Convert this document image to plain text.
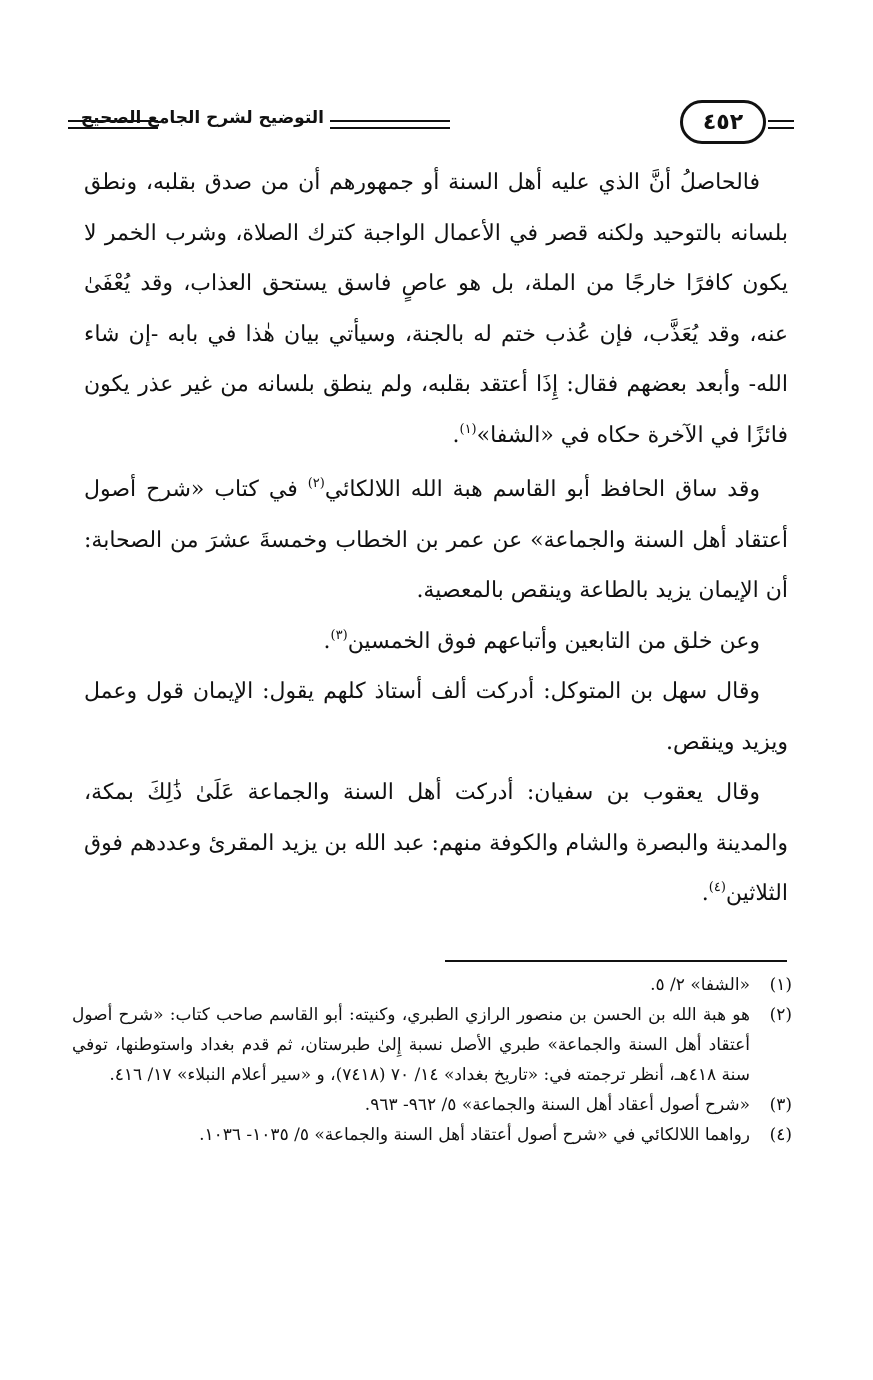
التوضيح لشرح الجامع الصحيح	٤٥٢

فالحاصلُ أنَّ الذي عليه أهل السنة أو جمهورهم أن من صدق بقلبه، ونطق بلسانه بالتوحيد ولكنه قصر في الأعمال الواجبة كترك الصلاة، وشرب الخمر لا يكون كافرًا خارجًا من الملة، بل هو عاصٍ فاسق يستحق العذاب، وقد يُعْفَىٰ عنه، وقد يُعَذَّب، فإن عُذب ختم له بالجنة، وسيأتي بيان هٰذا في بابه -إن شاء الله- وأبعد بعضهم فقال: إِذَا أعتقد بقلبه، ولم ينطق بلسانه من غير عذر يكون فائزًا في الآخرة حكاه في «الشفا»$^{(١)}$.

وقد ساق الحافظ أبو القاسم هبة الله اللالكائي$^{(٢)}$ في كتاب «شرح أصول أعتقاد أهل السنة والجماعة» عن عمر بن الخطاب وخمسةَ عشرَ من الصحابة: أن الإيمان يزيد بالطاعة وينقص بالمعصية.

وعن خلق من التابعين وأتباعهم فوق الخمسين$^{(٣)}$.

وقال سهل بن المتوكل: أدركت ألف أستاذ كلهم يقول: الإيمان قول وعمل ويزيد وينقص.

وقال يعقوب بن سفيان: أدركت أهل السنة والجماعة عَلَىٰ ذَٰلِكَ بمكة، والمدينة والبصرة والشام والكوفة منهم: عبد الله بن يزيد المقرئ وعددهم فوق الثلاثين$^{(٤)}$.

(١)
«الشفا» ٢/ ٥.
(٢)
هو هبة الله بن الحسن بن منصور الرازي الطبري، وكنيته: أبو القاسم صاحب كتاب: «شرح أصول أعتقاد أهل السنة والجماعة» طبري الأصل نسبة إِلىٰ طبرستان، ثم قدم بغداد واستوطنها، توفي سنة ٤١٨هـ، أنظر ترجمته في: «تاريخ بغداد» ١٤/ ٧٠ (٧٤١٨)، و «سير أعلام النبلاء» ١٧/ ٤١٦.
(٣)
«شرح أصول أعقاد أهل السنة والجماعة» ٥/ ٩٦٢- ٩٦٣.
(٤)
رواهما اللالكائي في «شرح أصول أعتقاد أهل السنة والجماعة» ٥/ ١٠٣٥- ١٠٣٦.
